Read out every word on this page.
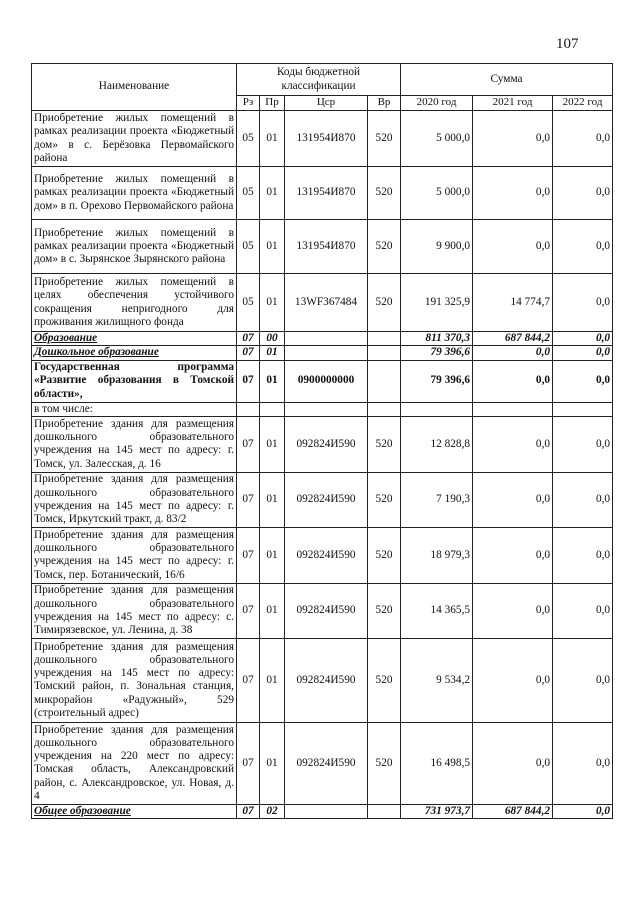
107
Наименование	Коды бюджетной классификации				Сумма		
	Рз	Пр	Цср	Вр	2020 год	2021 год	2022 год
Приобретение жилых помещений в рамках реализации проекта «Бюджетный дом» в с. Берёзовка Первомайского района	05	01	131954И870	520	5 000,0	0,0	0,0
Приобретение жилых помещений в рамках реализации проекта «Бюджетный дом» в п. Орехово Первомайского района	05	01	131954И870	520	5 000,0	0,0	0,0
Приобретение жилых помещений в рамках реализации проекта «Бюджетный дом» в с. Зырянское Зырянского района	05	01	131954И870	520	9 900,0	0,0	0,0
Приобретение жилых помещений в целях обеспечения устойчивого сокращения непригодного для проживания жилищного фонда	05	01	13WF367484	520	191 325,9	14 774,7	0,0
Образование	07	00			811 370,3	687 844,2	0,0
Дошкольное образование	07	01			79 396,6	0,0	0,0
Государственная программа «Развитие образования в Томской области»,	07	01	0900000000		79 396,6	0,0	0,0
в том числе:							
Приобретение здания для размещения дошкольного образовательного учреждения на 145 мест по адресу: г. Томск, ул. Залесская, д. 16	07	01	092824И590	520	12 828,8	0,0	0,0
Приобретение здания для размещения дошкольного образовательного учреждения на 145 мест по адресу: г. Томск, Иркутский тракт, д. 83/2	07	01	092824И590	520	7 190,3	0,0	0,0
Приобретение здания для размещения дошкольного образовательного учреждения на 145 мест по адресу: г. Томск, пер. Ботанический, 16/6	07	01	092824И590	520	18 979,3	0,0	0,0
Приобретение здания для размещения дошкольного образовательного учреждения на 145 мест по адресу: с. Тимирязевское, ул. Ленина, д. 38	07	01	092824И590	520	14 365,5	0,0	0,0
Приобретение здания для размещения дошкольного образовательного учреждения на 145 мест по адресу: Томский район, п. Зональная станция, микрорайон «Радужный», 529 (строительный адрес)	07	01	092824И590	520	9 534,2	0,0	0,0
Приобретение здания для размещения дошкольного образовательного учреждения на 220 мест по адресу: Томская область, Александровский район, с. Александровское, ул. Новая, д. 4	07	01	092824И590	520	16 498,5	0,0	0,0
Общее образование	07	02			731 973,7	687 844,2	0,0
